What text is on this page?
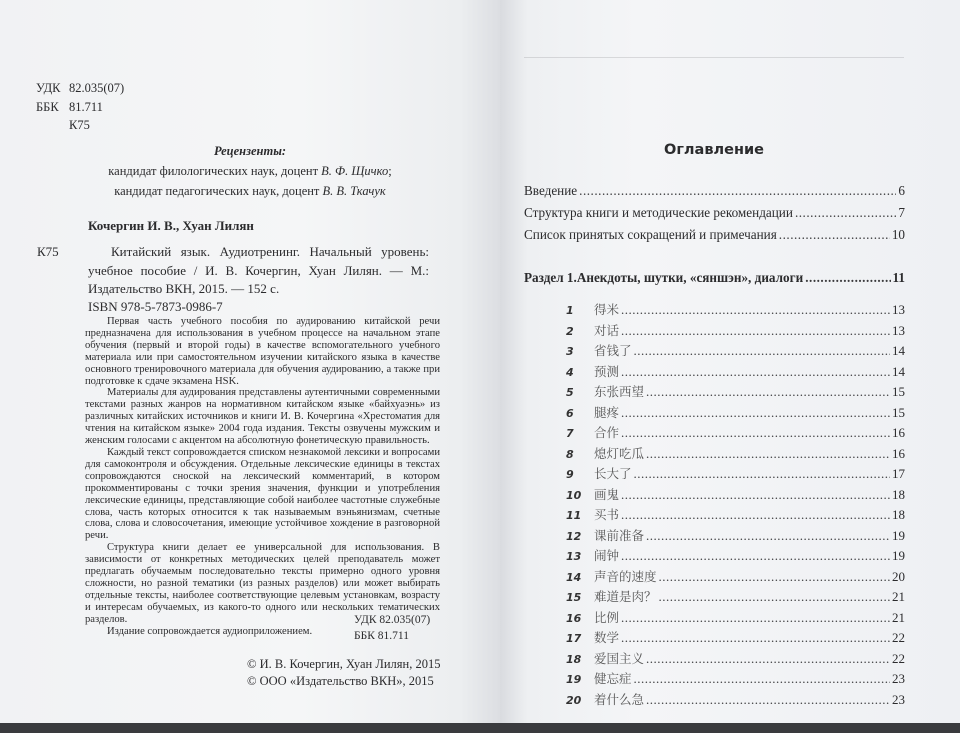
УДК 82.035(07)
ББК 81.711
К75
Рецензенты:
кандидат филологических наук, доцент В. Ф. Щичко;
кандидат педагогических наук, доцент В. В. Ткачук
Кочергин И. В., Хуан Лилян
К75	Китайский язык. Аудиотренинг. Начальный уровень: учебное пособие / И. В. Кочергин, Хуан Лилян. — М.: Издательство ВКН, 2015. — 152 с.
ISBN 978-5-7873-0986-7

Первая часть учебного пособия по аудированию китайской речи предназначена для использования в учебном процессе на начальном этапе обучения (первый и второй годы) в качестве вспомогательного учебного материала или при самостоятельном изучении китайского языка в качестве основного тренировочного материала для обучения аудированию, а также при подготовке к сдаче экзамена HSK.

Материалы для аудирования представлены аутентичными современными текстами разных жанров на нормативном китайском языке «байхуаэнь» из различных китайских источников и книги И. В. Кочергина «Хрестоматия для чтения на китайском языке» 2004 года издания. Тексты озвучены мужским и женским голосами с акцентом на абсолютную фонетическую правильность.

Каждый текст сопровождается списком незнакомой лексики и вопросами для самоконтроля и обсуждения. Отдельные лексические единицы в текстах сопровождаются сноской на лексический комментарий, в котором прокомментированы с точки зрения значения, функции и употребления лексические единицы, представляющие собой наиболее частотные служебные слова, часть которых относится к так называемым вэньянизмам, счетные слова, слова и словосочетания, имеющие устойчивое хождение в разговорной речи.

Структура книги делает ее универсальной для использования. В зависимости от конкретных методических целей преподаватель может предлагать обучаемым последовательно тексты примерно одного уровня сложности, но разной тематики (из разных разделов) или может выбирать отдельные тексты, наиболее соответствующие целевым установкам, возрасту и интересам обучаемых, из какого-то одного или нескольких тематических разделов.

Издание сопровождается аудиоприложением.

УДК 82.035(07)
ББК 81.711
© И. В. Кочергин, Хуан Лилян, 2015
© ООО «Издательство ВКН», 2015
Оглавление
Введение .....	6
Структура книги и методические рекомендации .....	7
Список принятых сокращений и примечания .....	10
Раздел 1. Анекдоты, шутки, «сяншэн», диалоги .....	11
1	得米 .....	13
2	对话 .....	13
3	省钱了 .....	14
4	预测 .....	14
5	东张西望 .....	15
6	腿疼 .....	15
7	合作 .....	16
8	熄灯吃瓜 .....	16
9	长大了 .....	17
10	画鬼 .....	18
11	买书 .....	18
12	课前准备 .....	19
13	闹钟 .....	19
14	声音的速度 .....	20
15	难道是肉？ .....	21
16	比例 .....	21
17	数学 .....	22
18	爱国主义 .....	22
19	健忘症 .....	23
20	着什么急 .....	23
